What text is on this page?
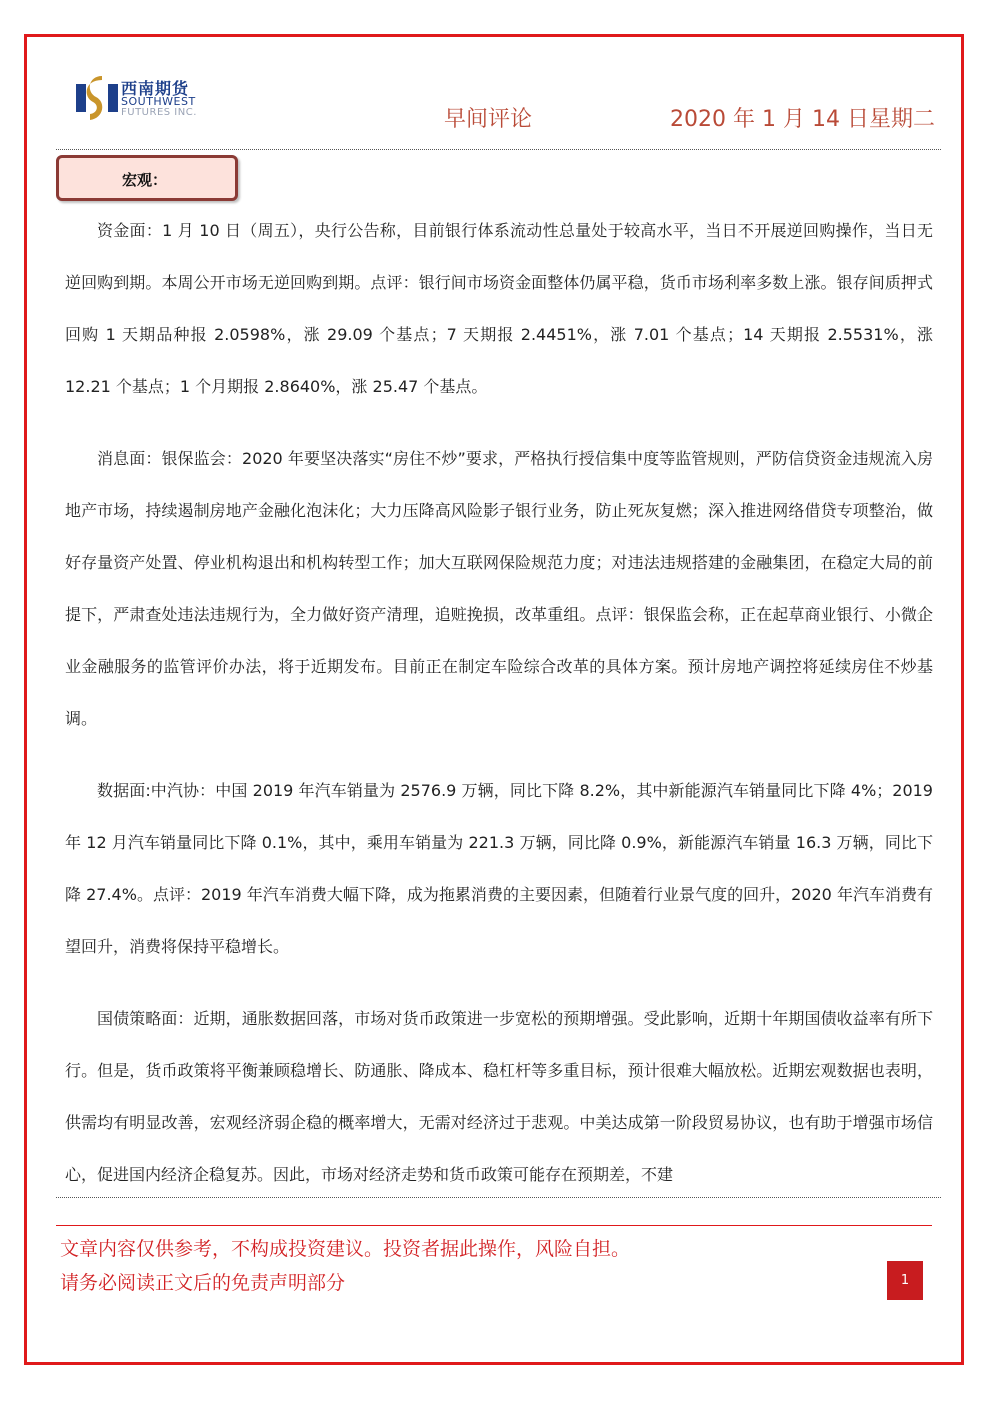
西南期货
SOUTHWEST
FUTURES INC.	早间评论	2020 年 1 月 14 日星期二
宏观：

资金面：1 月 10 日（周五），央行公告称，目前银行体系流动性总量处于较高水平，当日不开展逆回购操作，当日无逆回购到期。本周公开市场无逆回购到期。点评：银行间市场资金面整体仍属平稳，货币市场利率多数上涨。银存间质押式回购 1 天期品种报 2.0598%，涨 29.09 个基点；7 天期报 2.4451%，涨 7.01 个基点；14 天期报 2.5531%，涨 12.21 个基点；1 个月期报 2.8640%，涨 25.47 个基点。

消息面：银保监会：2020 年要坚决落实“房住不炒”要求，严格执行授信集中度等监管规则，严防信贷资金违规流入房地产市场，持续遏制房地产金融化泡沫化；大力压降高风险影子银行业务，防止死灰复燃；深入推进网络借贷专项整治，做好存量资产处置、停业机构退出和机构转型工作；加大互联网保险规范力度；对违法违规搭建的金融集团，在稳定大局的前提下，严肃查处违法违规行为，全力做好资产清理，追赃挽损，改革重组。点评：银保监会称，正在起草商业银行、小微企业金融服务的监管评价办法，将于近期发布。目前正在制定车险综合改革的具体方案。预计房地产调控将延续房住不炒基调。

数据面:中汽协：中国 2019 年汽车销量为 2576.9 万辆，同比下降 8.2%，其中新能源汽车销量同比下降 4%；2019 年 12 月汽车销量同比下降 0.1%，其中，乘用车销量为 221.3 万辆，同比降 0.9%，新能源汽车销量 16.3 万辆，同比下降 27.4%。点评：2019 年汽车消费大幅下降，成为拖累消费的主要因素，但随着行业景气度的回升，2020 年汽车消费有望回升，消费将保持平稳增长。

国债策略面：近期，通胀数据回落，市场对货币政策进一步宽松的预期增强。受此影响，近期十年期国债收益率有所下行。但是，货币政策将平衡兼顾稳增长、防通胀、降成本、稳杠杆等多重目标，预计很难大幅放松。近期宏观数据也表明，供需均有明显改善，宏观经济弱企稳的概率增大，无需对经济过于悲观。中美达成第一阶段贸易协议，也有助于增强市场信心，促进国内经济企稳复苏。因此，市场对经济走势和货币政策可能存在预期差，不建

文章内容仅供参考，不构成投资建议。投资者据此操作，风险自担。
请务必阅读正文后的免责声明部分	1
